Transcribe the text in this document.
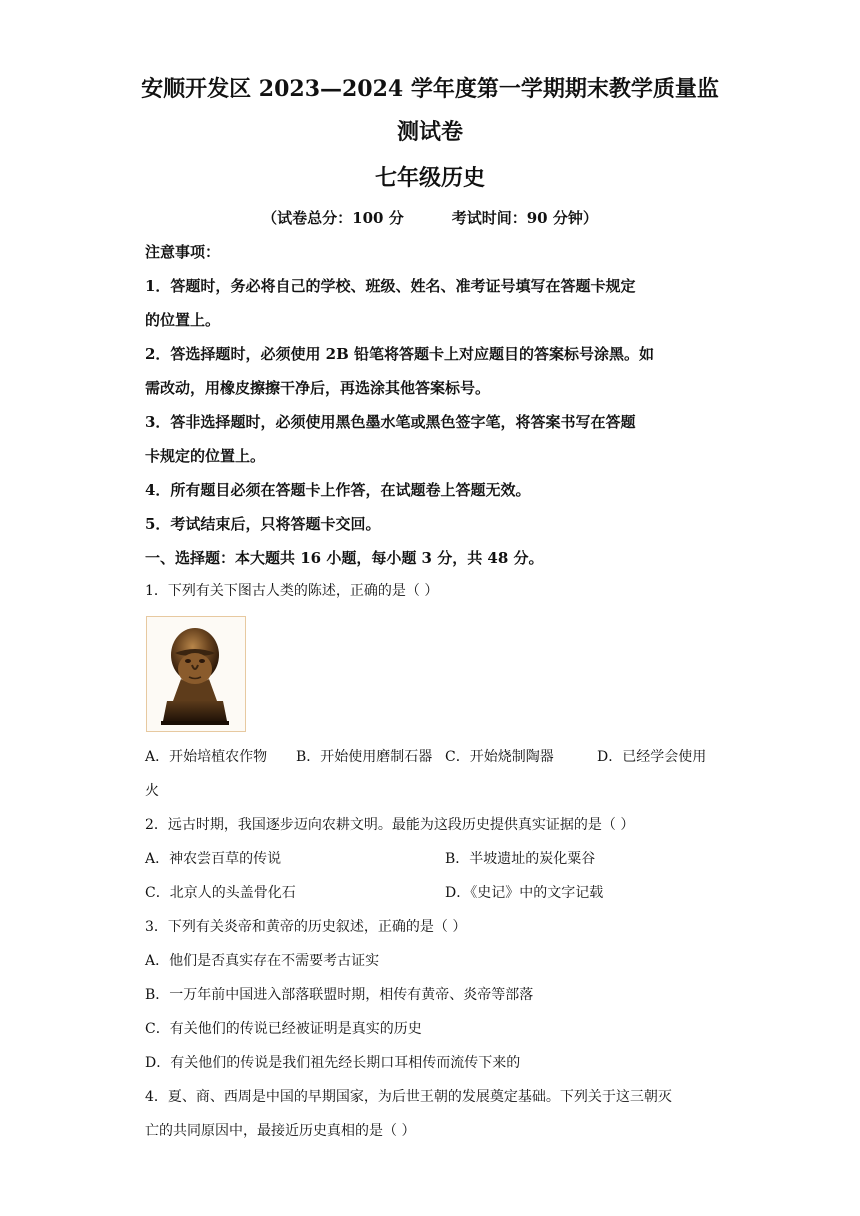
安顺开发区 2023—2024 学年度第一学期期末教学质量监
测试卷
七年级历史
（试卷总分：100 分	考试时间：90 分钟）
注意事项：
1．答题时，务必将自己的学校、班级、姓名、准考证号填写在答题卡规定
的位置上。
2．答选择题时，必须使用 2B 铅笔将答题卡上对应题目的答案标号涂黑。如
需改动，用橡皮擦擦干净后，再选涂其他答案标号。
3．答非选择题时，必须使用黑色墨水笔或黑色签字笔，将答案书写在答题
卡规定的位置上。
4．所有题目必须在答题卡上作答，在试题卷上答题无效。
5．考试结束后，只将答题卡交回。
一、选择题：本大题共 16 小题，每小题 3 分，共 48 分。
1．下列有关下图古人类的陈述，正确的是（ ）
A．开始培植农作物 B．开始使用磨制石器 C．开始烧制陶器	D．已经学会使用
火
2．远古时期，我国逐步迈向农耕文明。最能为这段历史提供真实证据的是（ ）
A．神农尝百草的传说	B．半坡遗址的炭化粟谷
C．北京人的头盖骨化石	D．《史记》中的文字记载
3．下列有关炎帝和黄帝的历史叙述，正确的是（ ）
A．他们是否真实存在不需要考古证实
B．一万年前中国进入部落联盟时期，相传有黄帝、炎帝等部落
C．有关他们的传说已经被证明是真实的历史
D．有关他们的传说是我们祖先经长期口耳相传而流传下来的
4．夏、商、西周是中国的早期国家，为后世王朝的发展奠定基础。下列关于这三朝灭
亡的共同原因中，最接近历史真相的是（ ）
